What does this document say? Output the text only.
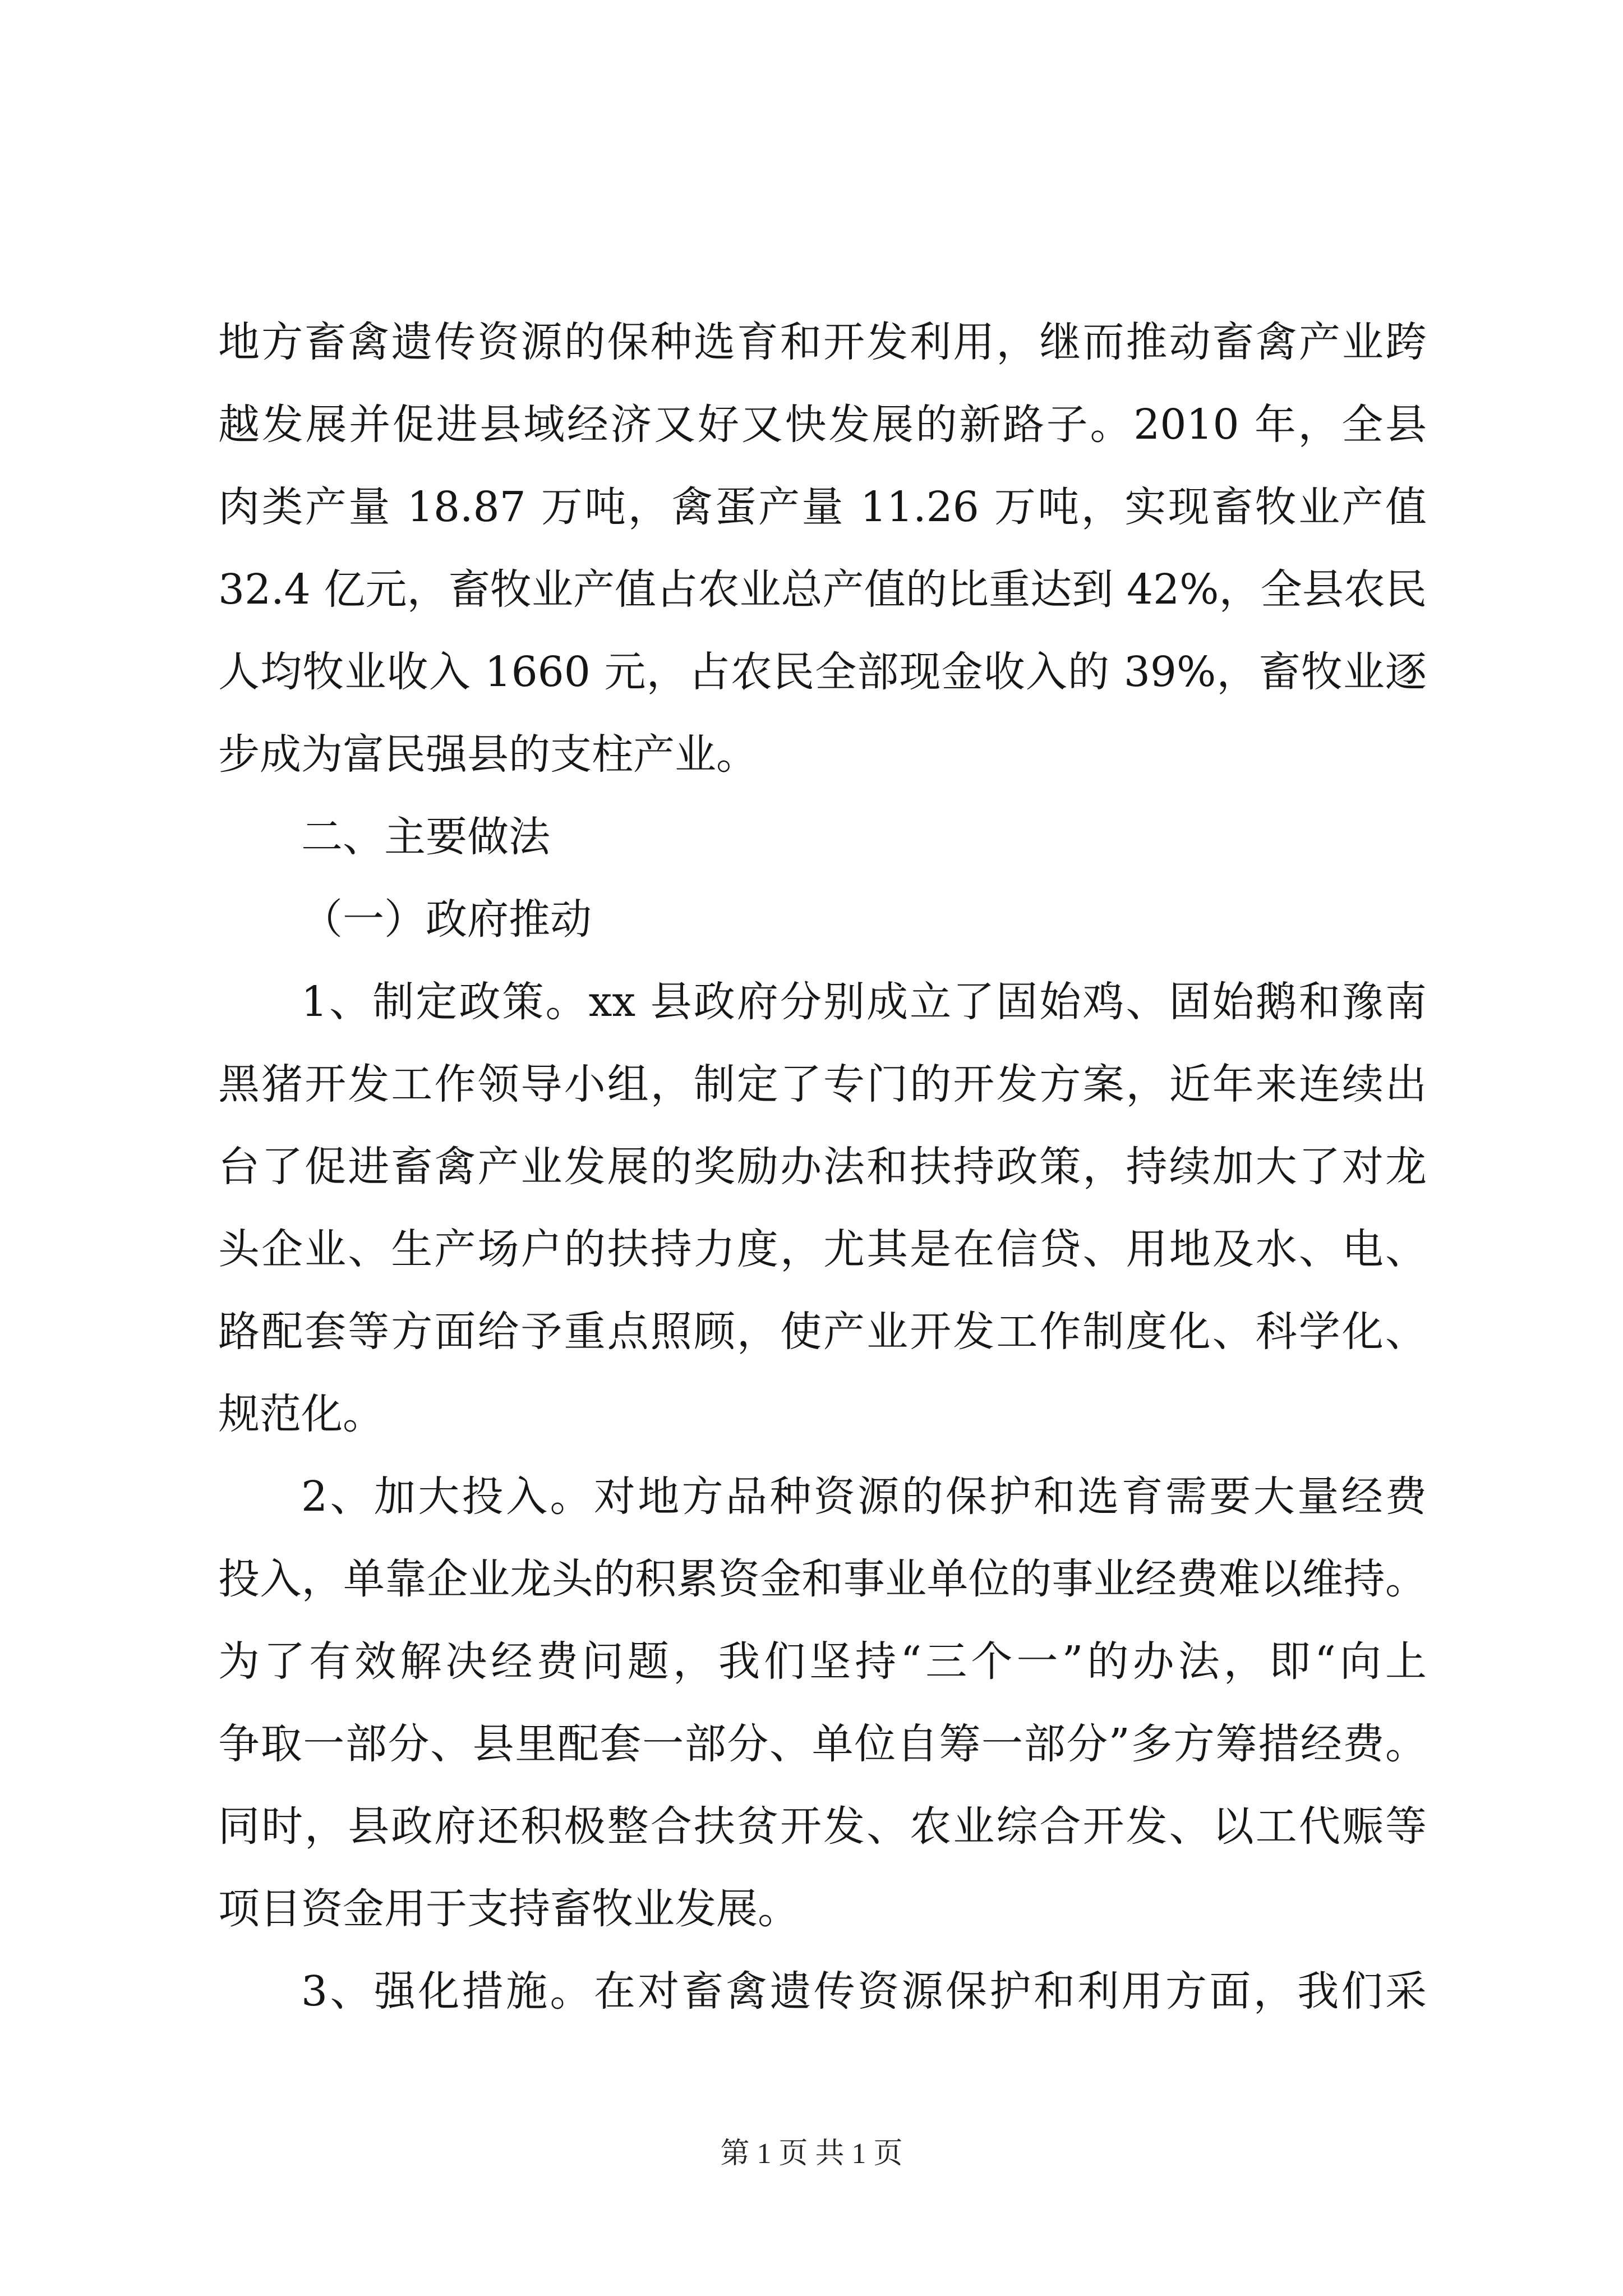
地方畜禽遗传资源的保种选育和开发利用，继而推动畜禽产业跨
越发展并促进县域经济又好又快发展的新路子。2010 年，全县
肉类产量 18.87 万吨，禽蛋产量 11.26 万吨，实现畜牧业产值
32.4 亿元，畜牧业产值占农业总产值的比重达到 42%，全县农民
人均牧业收入 1660 元，占农民全部现金收入的 39%，畜牧业逐
步成为富民强县的支柱产业。
二、主要做法
（一）政府推动
1、制定政策。xx 县政府分别成立了固始鸡、固始鹅和豫南
黑猪开发工作领导小组，制定了专门的开发方案，近年来连续出
台了促进畜禽产业发展的奖励办法和扶持政策，持续加大了对龙
头企业、生产场户的扶持力度，尤其是在信贷、用地及水、电、
路配套等方面给予重点照顾，使产业开发工作制度化、科学化、
规范化。
2、加大投入。对地方品种资源的保护和选育需要大量经费
投入，单靠企业龙头的积累资金和事业单位的事业经费难以维持。
为了有效解决经费问题，我们坚持“三个一”的办法，即“向上
争取一部分、县里配套一部分、单位自筹一部分”多方筹措经费。
同时，县政府还积极整合扶贫开发、农业综合开发、以工代赈等
项目资金用于支持畜牧业发展。
3、强化措施。在对畜禽遗传资源保护和利用方面，我们采
第 1 页 共 1 页
